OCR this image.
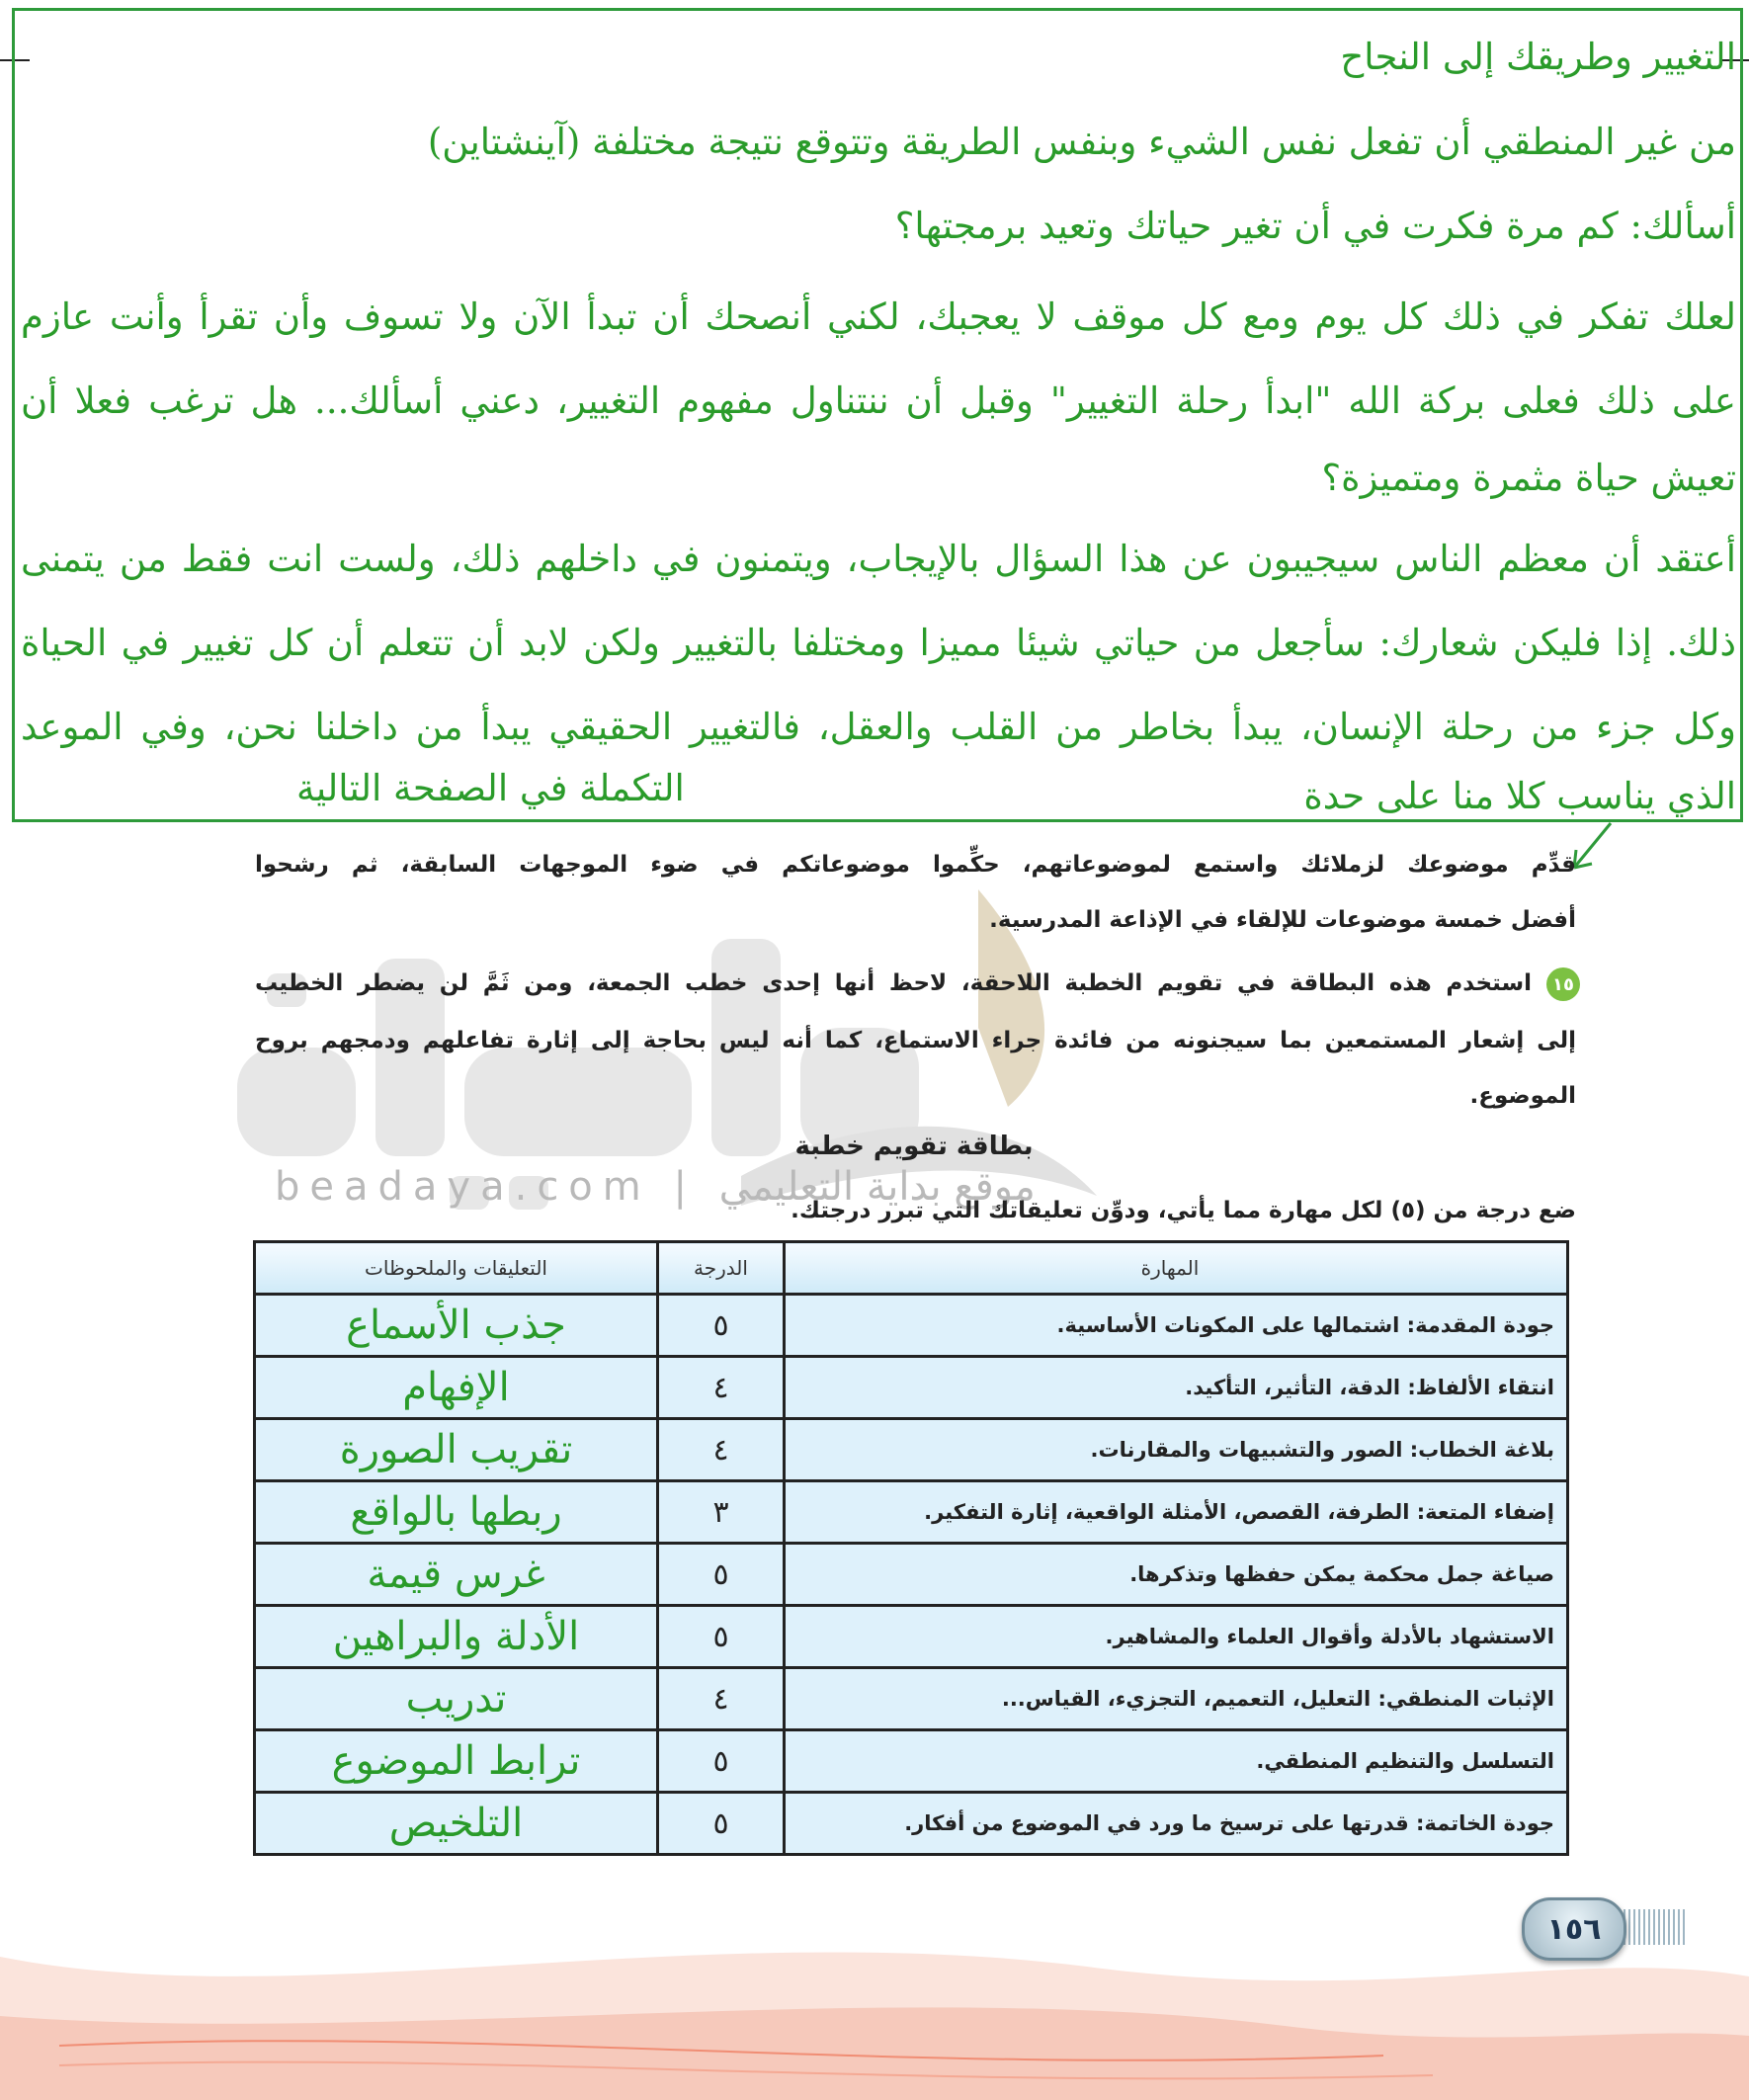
beadaya.com | موقع بداية التعليمي
التغيير وطريقك إلى النجاح
من غير المنطقي أن تفعل نفس الشيء وبنفس الطريقة وتتوقع نتيجة مختلفة (آينشتاين)
أسألك: كم مرة فكرت في أن تغير حياتك وتعيد برمجتها؟
لعلك تفكر في ذلك كل يوم ومع كل موقف لا يعجبك، لكني أنصحك أن تبدأ الآن ولا تسوف وأن تقرأ وأنت عازم
على ذلك فعلى بركة الله "ابدأ رحلة التغيير" وقبل أن ننتناول مفهوم التغيير، دعني أسألك... هل ترغب فعلا أن
تعيش حياة مثمرة ومتميزة؟
أعتقد أن معظم الناس سيجيبون عن هذا السؤال بالإيجاب، ويتمنون في داخلهم ذلك، ولست انت فقط من يتمنى
ذلك. إذا فليكن شعارك: سأجعل من حياتي شيئا مميزا ومختلفا بالتغيير ولكن لابد أن تتعلم أن كل تغيير في الحياة
وكل جزء من رحلة الإنسان، يبدأ بخاطر من القلب والعقل، فالتغيير الحقيقي يبدأ من داخلنا نحن، وفي الموعد
الذي يناسب كلا منا على حدة
التكملة في الصفحة التالية
قدِّم موضوعك لزملائك واستمع لموضوعاتهم، حكِّموا موضوعاتكم في ضوء الموجهات السابقة، ثم رشحوا
أفضل خمسة موضوعات للإلقاء في الإذاعة المدرسية.
١٥
استخدم هذه البطاقة في تقويم الخطبة اللاحقة، لاحظ أنها إحدى خطب الجمعة، ومن ثَمَّ لن يضطر الخطيب
إلى إشعار المستمعين بما سيجنونه من فائدة جراء الاستماع، كما أنه ليس بحاجة إلى إثارة تفاعلهم ودمجهم بروح
الموضوع.
بطاقة تقويم خطبة
ضع درجة من (٥) لكل مهارة مما يأتي، ودوِّن تعليقاتك التي تبرر درجتك.
المهارة	الدرجة	التعليقات والملحوظات
جودة المقدمة: اشتمالها على المكونات الأساسية.	٥	جذب الأسماع
انتقاء الألفاظ: الدقة، التأثير، التأكيد.	٤	الإفهام
بلاغة الخطاب: الصور والتشبيهات والمقارنات.	٤	تقريب الصورة
إضفاء المتعة: الطرفة، القصص، الأمثلة الواقعية، إثارة التفكير.	٣	ربطها بالواقع
صياغة جمل محكمة يمكن حفظها وتذكرها.	٥	غرس قيمة
الاستشهاد بالأدلة وأقوال العلماء والمشاهير.	٥	الأدلة والبراهين
الإثبات المنطقي: التعليل، التعميم، التجزيء، القياس...	٤	تدريب
التسلسل والتنظيم المنطقي.	٥	ترابط الموضوع
جودة الخاتمة: قدرتها على ترسيخ ما ورد في الموضوع من أفكار.	٥	التلخيص
١٥٦
